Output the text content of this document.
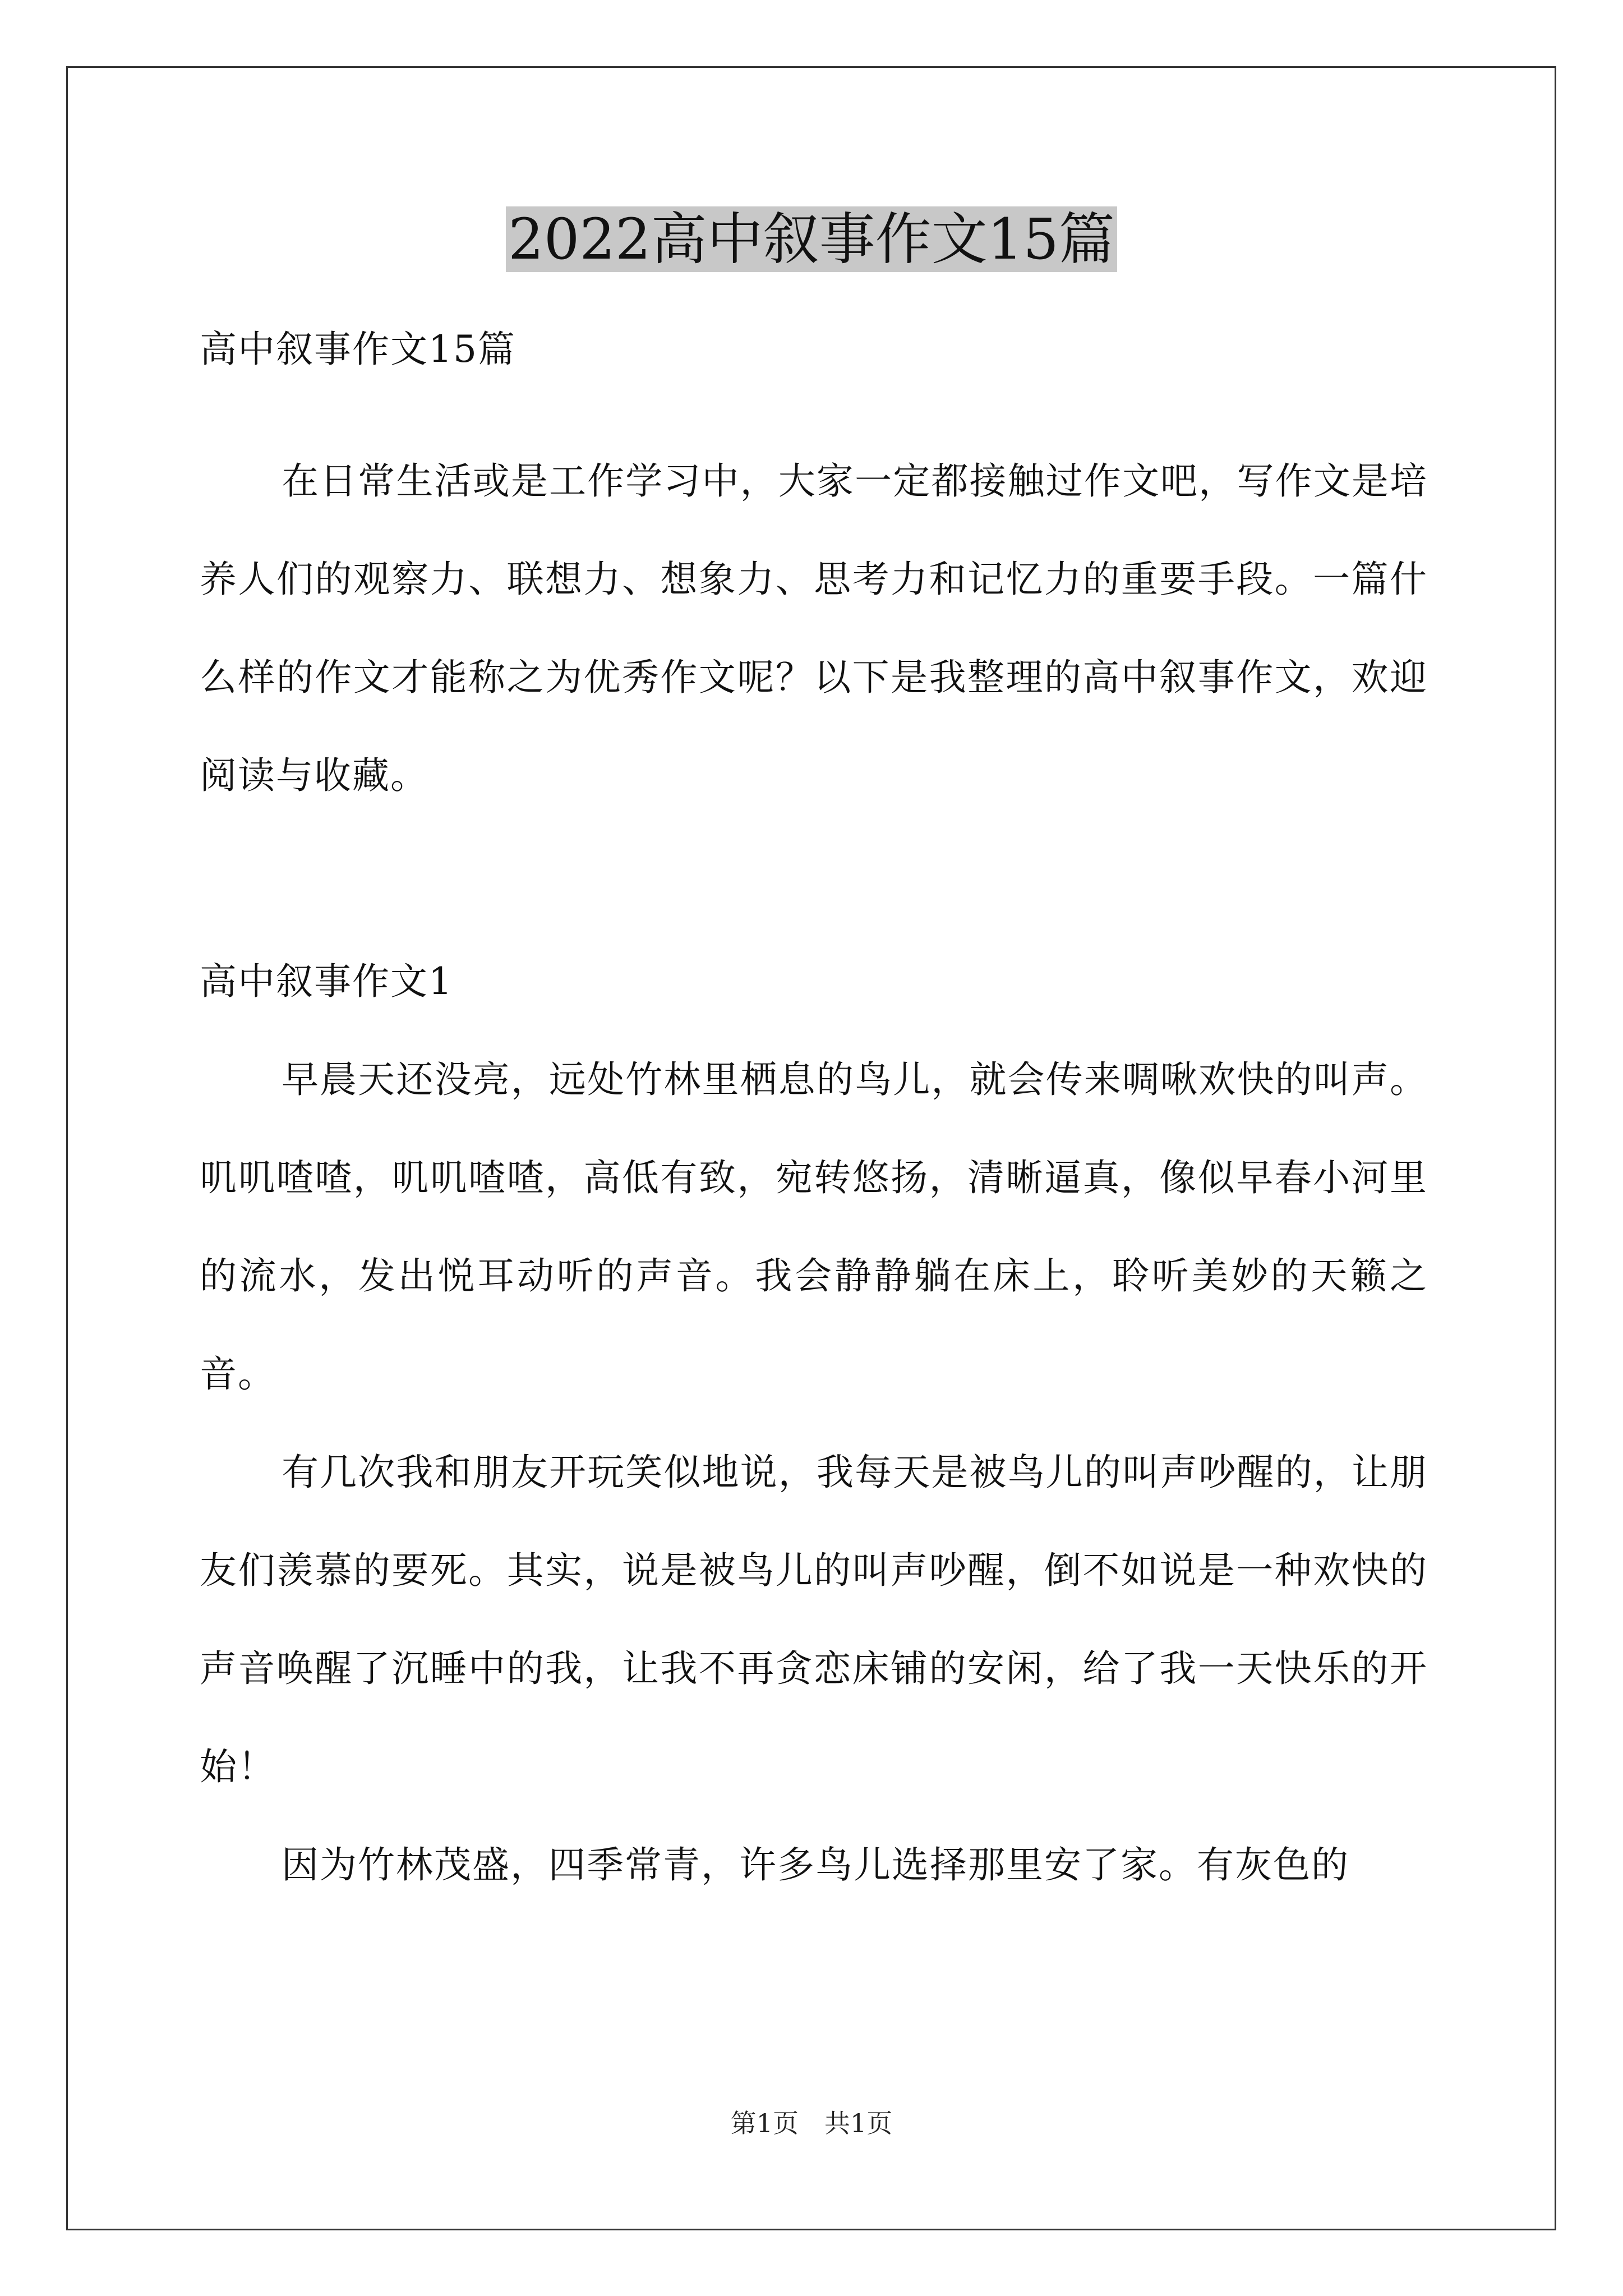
2022高中叙事作文15篇

高中叙事作文15篇

在日常生活或是工作学习中，大家一定都接触过作文吧，写作文是培养人们的观察力、联想力、想象力、思考力和记忆力的重要手段。一篇什么样的作文才能称之为优秀作文呢？以下是我整理的高中叙事作文，欢迎阅读与收藏。

高中叙事作文1

早晨天还没亮，远处竹林里栖息的鸟儿，就会传来啁啾欢快的叫声。叽叽喳喳，叽叽喳喳，高低有致，宛转悠扬，清晰逼真，像似早春小河里的流水，发出悦耳动听的声音。我会静静躺在床上，聆听美妙的天籁之音。

有几次我和朋友开玩笑似地说，我每天是被鸟儿的叫声吵醒的，让朋友们羡慕的要死。其实，说是被鸟儿的叫声吵醒，倒不如说是一种欢快的声音唤醒了沉睡中的我，让我不再贪恋床铺的安闲，给了我一天快乐的开始！

因为竹林茂盛，四季常青，许多鸟儿选择那里安了家。有灰色的

第1页 共1页
